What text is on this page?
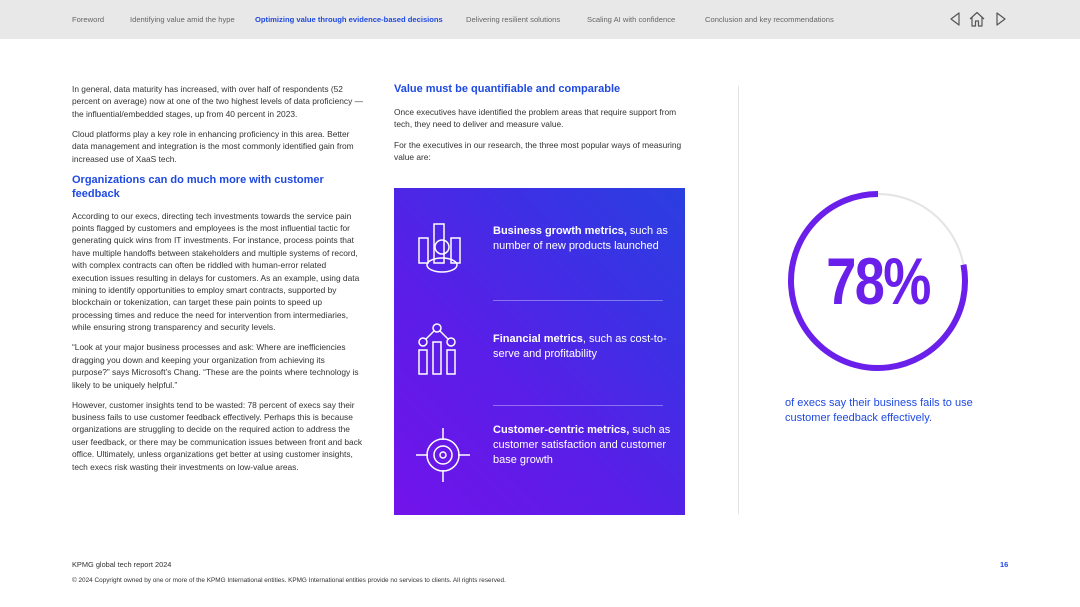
Foreword	Identifying value amid the hype	Optimizing value through evidence-based decisions	Delivering resilient solutions	Scaling AI with confidence	Conclusion and key recommendations

In general, data maturity has increased, with over half of respondents (52 percent on average) now at one of the two highest levels of data proficiency — the influential/embedded stages, up from 40 percent in 2023.

Cloud platforms play a key role in enhancing proficiency in this area. Better data management and integration is the most commonly identified gain from increased use of XaaS tech.

Organizations can do much more with customer feedback

According to our execs, directing tech investments towards the service pain points flagged by customers and employees is the most influential tactic for generating quick wins from IT investments. For instance, process points that have multiple handoffs between stakeholders and multiple systems of record, with complex contracts can often be riddled with human-error related execution issues resulting in delays for customers. As an example, using data mining to identify opportunities to employ smart contracts, supported by blockchain or tokenization, can target these pain points to speed up processing times and reduce the need for intervention from intermediaries, while ensuring strong transparency and security levels.

“Look at your major business processes and ask: Where are inefficiencies dragging you down and keeping your organization from achieving its purpose?” says Microsoft’s Chang. “These are the points where technology is likely to be uniquely helpful.”

However, customer insights tend to be wasted: 78 percent of execs say their business fails to use customer feedback effectively. Perhaps this is because organizations are struggling to decide on the required action to address the user feedback, or there may be communication issues between front and back office. Ultimately, unless organizations get better at using customer insights, tech execs risk wasting their investments on low-value areas.

Value must be quantifiable and comparable

Once executives have identified the problem areas that require support from tech, they need to deliver and measure value.

For the executives in our research, the three most popular ways of measuring value are:

Business growth metrics, such as number of new products launched
Financial metrics, such as cost-to-serve and profitability
Customer-centric metrics, such as customer satisfaction and customer base growth
78%
of execs say their business fails to use customer feedback effectively.
KPMG global tech report 2024	16
© 2024 Copyright owned by one or more of the KPMG International entities. KPMG International entities provide no services to clients. All rights reserved.
